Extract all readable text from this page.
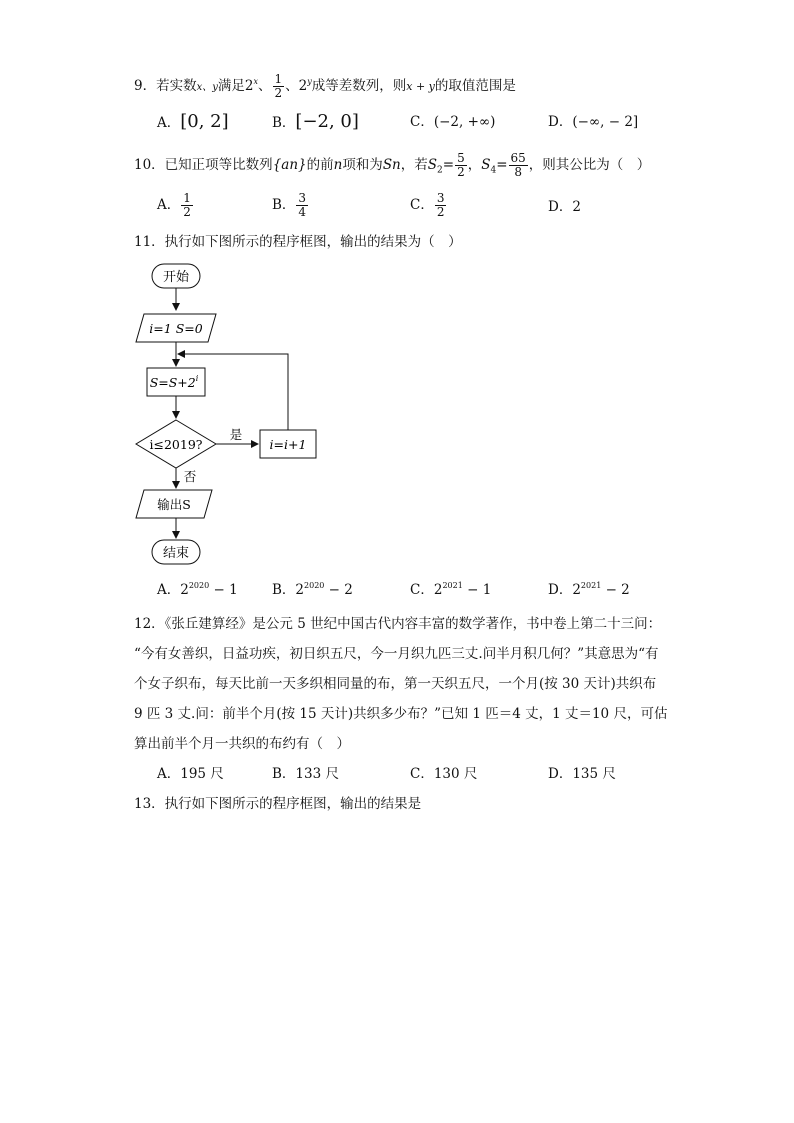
9．若实数x、y满足2$^x$、 $\frac{1}{2}$ 、2$^y$成等差数列，则x + y的取值范围是
A．[0, 2]	B．[−2, 0]	C．(−2, +∞)	D．(−∞, − 2]
10．已知正项等比数列{an}的前n项和为Sn，若$S_2= \frac{5}{2}$ ，$S_4= \frac{65}{8}$ ，则其公比为（　）
A． $\frac{1}{2}$	B． $\frac{3}{4}$	C． $\frac{3}{2}$	D．2
11．执行如下图所示的程序框图，输出的结果为（　）
开始
i=1 S=0
$S=S+2^i$
i≤2019?
是
i=i+1
否
输出S
结束
A．$2^{2020} - 1$	B．$2^{2020} - 2$	C．$2^{2021} - 1$	D．$2^{2021} - 2$
12．《张丘建算经》是公元 5 世纪中国古代内容丰富的数学著作，书中卷上第二十三问：
“今有女善织，日益功疾，初日织五尺，今一月织九匹三丈.问半月积几何？”其意思为“有
个女子织布，每天比前一天多织相同量的布，第一天织五尺，一个月(按 30 天计)共织布
9 匹 3 丈.问：前半个月(按 15 天计)共织多少布？”已知 1 匹＝4 丈，1 丈＝10 尺，可估
算出前半个月一共织的布约有（　）
A．195 尺	B．133 尺	C．130 尺	D．135 尺
13．执行如下图所示的程序框图，输出的结果是
